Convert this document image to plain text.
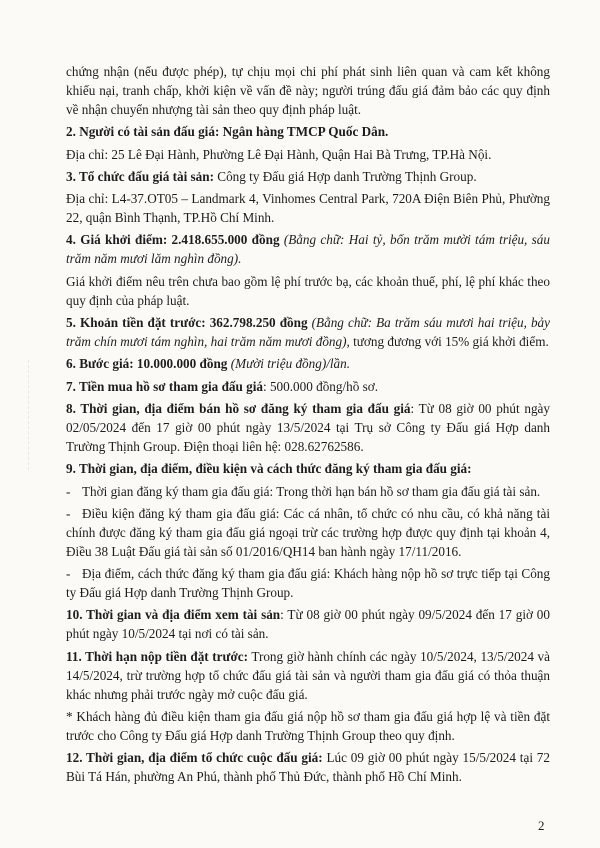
chứng nhận (nếu được phép), tự chịu mọi chi phí phát sinh liên quan và cam kết không khiếu nại, tranh chấp, khởi kiện về vấn đề này; người trúng đấu giá đảm bảo các quy định về nhận chuyển nhượng tài sản theo quy định pháp luật.

2. Người có tài sản đấu giá: Ngân hàng TMCP Quốc Dân.

Địa chỉ: 25 Lê Đại Hành, Phường Lê Đại Hành, Quận Hai Bà Trưng, TP.Hà Nội.

3. Tổ chức đấu giá tài sản: Công ty Đấu giá Hợp danh Trường Thịnh Group.

Địa chỉ: L4-37.OT05 – Landmark 4, Vinhomes Central Park, 720A Điện Biên Phủ, Phường 22, quận Bình Thạnh, TP.Hồ Chí Minh.

4. Giá khởi điểm: 2.418.655.000 đồng (Bằng chữ: Hai tỷ, bốn trăm mười tám triệu, sáu trăm năm mươi lăm nghìn đồng).

Giá khởi điểm nêu trên chưa bao gồm lệ phí trước bạ, các khoản thuế, phí, lệ phí khác theo quy định của pháp luật.

5. Khoản tiền đặt trước: 362.798.250 đồng (Bằng chữ: Ba trăm sáu mươi hai triệu, bảy trăm chín mươi tám nghìn, hai trăm năm mươi đồng), tương đương với 15% giá khởi điểm.

6. Bước giá: 10.000.000 đồng (Mười triệu đồng)/lần.

7. Tiền mua hồ sơ tham gia đấu giá: 500.000 đồng/hồ sơ.

8. Thời gian, địa điểm bán hồ sơ đăng ký tham gia đấu giá: Từ 08 giờ 00 phút ngày 02/05/2024 đến 17 giờ 00 phút ngày 13/5/2024 tại Trụ sở Công ty Đấu giá Hợp danh Trường Thịnh Group. Điện thoại liên hệ: 028.62762586.

9. Thời gian, địa điểm, điều kiện và cách thức đăng ký tham gia đấu giá:

- Thời gian đăng ký tham gia đấu giá: Trong thời hạn bán hồ sơ tham gia đấu giá tài sản.

- Điều kiện đăng ký tham gia đấu giá: Các cá nhân, tổ chức có nhu cầu, có khả năng tài chính được đăng ký tham gia đấu giá ngoại trừ các trường hợp được quy định tại khoản 4, Điều 38 Luật Đấu giá tài sản số 01/2016/QH14 ban hành ngày 17/11/2016.

- Địa điểm, cách thức đăng ký tham gia đấu giá: Khách hàng nộp hồ sơ trực tiếp tại Công ty Đấu giá Hợp danh Trường Thịnh Group.

10. Thời gian và địa điểm xem tài sản: Từ 08 giờ 00 phút ngày 09/5/2024 đến 17 giờ 00 phút ngày 10/5/2024 tại nơi có tài sản.

11. Thời hạn nộp tiền đặt trước: Trong giờ hành chính các ngày 10/5/2024, 13/5/2024 và 14/5/2024, trừ trường hợp tổ chức đấu giá tài sản và người tham gia đấu giá có thỏa thuận khác nhưng phải trước ngày mở cuộc đấu giá.

* Khách hàng đủ điều kiện tham gia đấu giá nộp hồ sơ tham gia đấu giá hợp lệ và tiền đặt trước cho Công ty Đấu giá Hợp danh Trường Thịnh Group theo quy định.

12. Thời gian, địa điểm tổ chức cuộc đấu giá: Lúc 09 giờ 00 phút ngày 15/5/2024 tại 72 Bùi Tá Hán, phường An Phú, thành phố Thủ Đức, thành phố Hồ Chí Minh.

2
